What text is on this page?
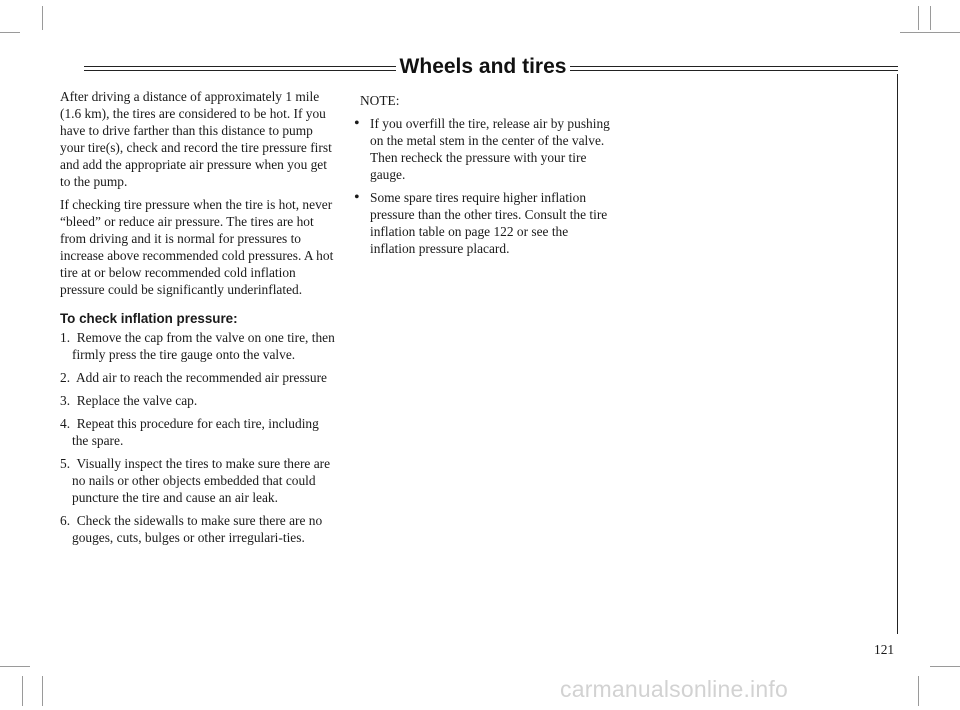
Wheels and tires

After driving a distance of approximately 1 mile (1.6 km), the tires are considered to be hot. If you have to drive farther than this distance to pump your tire(s), check and record the tire pressure first and add the appropriate air pressure when you get to the pump.

If checking tire pressure when the tire is hot, never “bleed” or reduce air pressure. The tires are hot from driving and it is normal for pressures to increase above recommended cold pressures. A hot tire at or below recommended cold inflation pressure could be significantly underinflated.

To check inflation pressure:
1. Remove the cap from the valve on one tire, then firmly press the tire gauge onto the valve.
2. Add air to reach the recommended air pressure
3. Replace the valve cap.
4. Repeat this procedure for each tire, including the spare.
5. Visually inspect the tires to make sure there are no nails or other objects embedded that could puncture the tire and cause an air leak.
6. Check the sidewalls to make sure there are no gouges, cuts, bulges or other irregulari-ties.
NOTE:
• If you overfill the tire, release air by pushing on the metal stem in the center of the valve. Then recheck the pressure with your tire gauge.
• Some spare tires require higher inflation pressure than the other tires. Consult the tire inflation table on page 122 or see the inflation pressure placard.
121
carmanualsonline.info
